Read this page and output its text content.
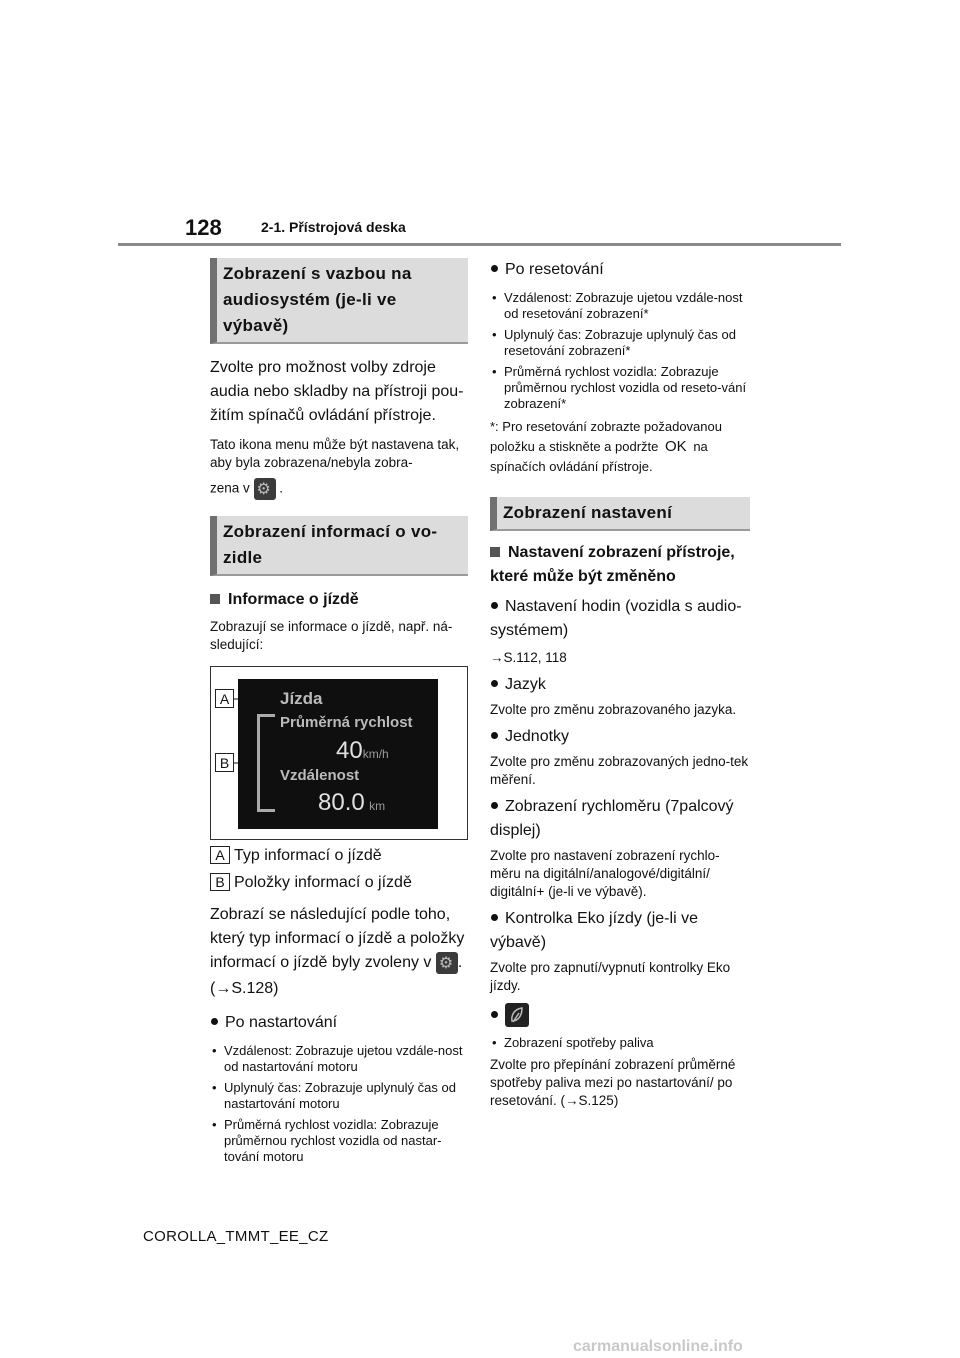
128	2-1. Přístrojová deska
Zobrazení s vazbou na audiosystém (je-li ve výbavě)
Zvolte pro možnost volby zdroje audia nebo skladby na přístroji pou-žitím spínačů ovládání přístroje.
Tato ikona menu může být nastavena tak, aby byla zobrazena/nebyla zobra-
zena v ⚙ .
Zobrazení informací o vo-zidle
Informace o jízdě
Zobrazují se informace o jízdě, např. ná-sledující:
A
B
Jízda
Průměrná rychlost
40km/h
Vzdálenost
80.0 km
A Typ informací o jízdě
B Položky informací o jízdě
Zobrazí se následující podle toho, který typ informací o jízdě a položky informací o jízdě byly zvoleny v ⚙ .
(→S.128)
Po nastartování
• Vzdálenost: Zobrazuje ujetou vzdále-nost od nastartování motoru
• Uplynulý čas: Zobrazuje uplynulý čas od nastartování motoru
• Průměrná rychlost vozidla: Zobrazuje průměrnou rychlost vozidla od nastar-tování motoru
Po resetování
• Vzdálenost: Zobrazuje ujetou vzdále-nost od resetování zobrazení*
• Uplynulý čas: Zobrazuje uplynulý čas od resetování zobrazení*
• Průměrná rychlost vozidla: Zobrazuje průměrnou rychlost vozidla od reseto-vání zobrazení*
*: Pro resetování zobrazte požadovanou položku a stiskněte a podržte OK na spínačích ovládání přístroje.
Zobrazení nastavení
Nastavení zobrazení přístroje, které může být změněno
Nastavení hodin (vozidla s audio-systémem)
→S.112, 118
Jazyk
Zvolte pro změnu zobrazovaného jazyka.
Jednotky
Zvolte pro změnu zobrazovaných jedno-tek měření.
Zobrazení rychloměru (7palcový displej)
Zvolte pro nastavení zobrazení rychlo-měru na digitální/analogové/digitální/ digitální+ (je-li ve výbavě).
Kontrolka Eko jízdy (je-li ve výbavě)
Zvolte pro zapnutí/vypnutí kontrolky Eko jízdy.
• Zobrazení spotřeby paliva
Zvolte pro přepínání zobrazení průměrné spotřeby paliva mezi po nastartování/ po resetování. (→S.125)
COROLLA_TMMT_EE_CZ
carmanualsonline.info
